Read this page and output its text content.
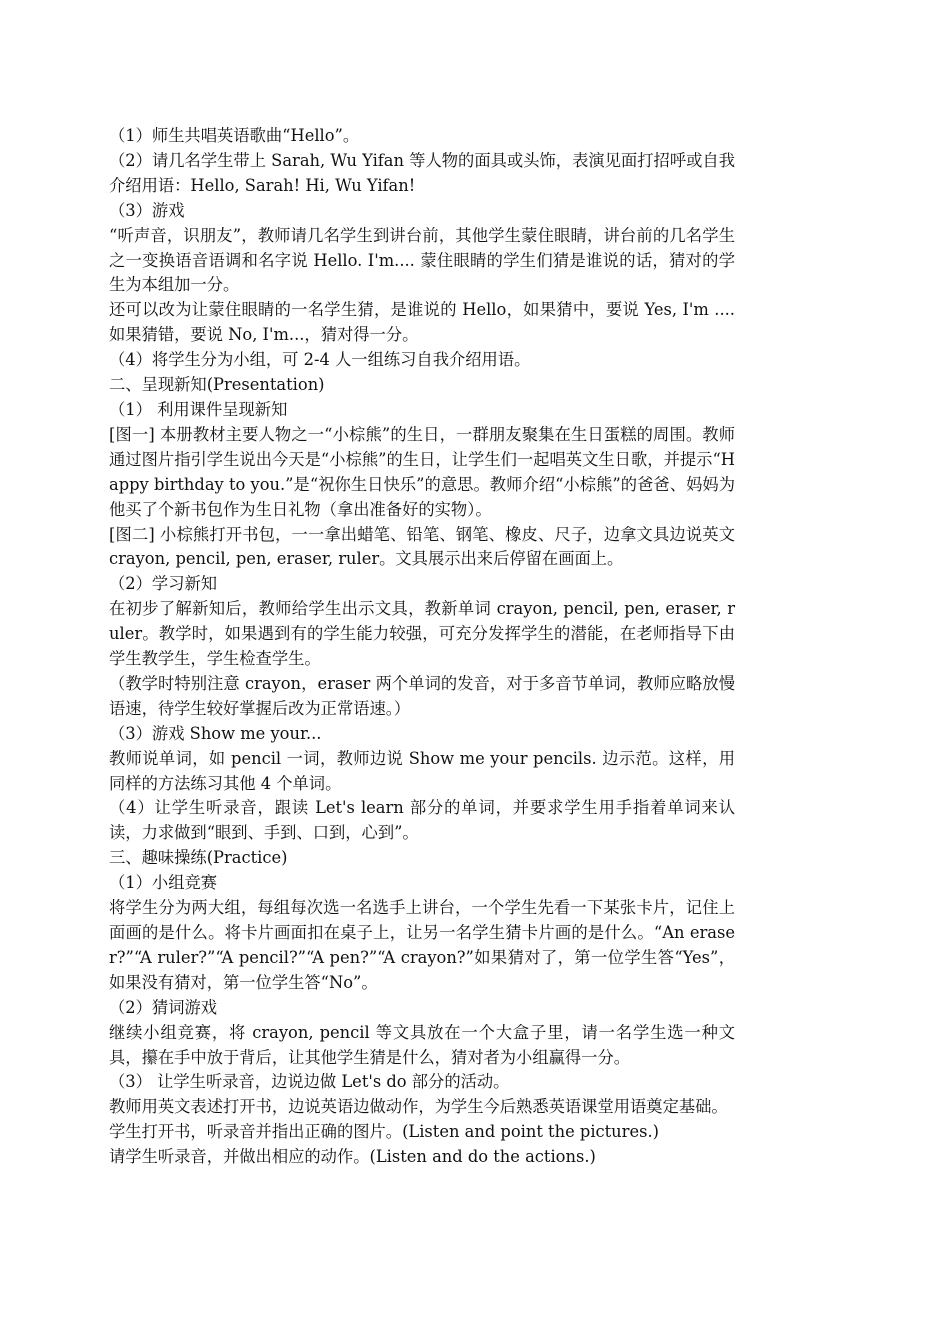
（1）师生共唱英语歌曲“Hello”。

（2）请几名学生带上 Sarah, Wu Yifan 等人物的面具或头饰，表演见面打招呼或自我介绍用语：Hello, Sarah! Hi, Wu Yifan!

（3）游戏

“听声音，识朋友”，教师请几名学生到讲台前，其他学生蒙住眼睛，讲台前的几名学生之一变换语音语调和名字说 Hello. I'm.... 蒙住眼睛的学生们猜是谁说的话，猜对的学生为本组加一分。

还可以改为让蒙住眼睛的一名学生猜，是谁说的 Hello，如果猜中，要说 Yes, I'm .... 如果猜错，要说 No, I'm...，猜对得一分。

（4）将学生分为小组，可 2-4 人一组练习自我介绍用语。

二、呈现新知(Presentation)

（1） 利用课件呈现新知

[图一] 本册教材主要人物之一“小棕熊”的生日，一群朋友聚集在生日蛋糕的周围。教师通过图片指引学生说出今天是“小棕熊”的生日，让学生们一起唱英文生日歌，并提示“Happy birthday to you.”是“祝你生日快乐”的意思。教师介绍“小棕熊”的爸爸、妈妈为他买了个新书包作为生日礼物（拿出准备好的实物）。

[图二] 小棕熊打开书包，一一拿出蜡笔、铅笔、钢笔、橡皮、尺子，边拿文具边说英文 crayon, pencil, pen, eraser, ruler。文具展示出来后停留在画面上。

（2）学习新知

在初步了解新知后，教师给学生出示文具，教新单词 crayon, pencil, pen, eraser, ruler。教学时，如果遇到有的学生能力较强，可充分发挥学生的潜能，在老师指导下由学生教学生，学生检查学生。

（教学时特别注意 crayon，eraser 两个单词的发音，对于多音节单词，教师应略放慢语速，待学生较好掌握后改为正常语速。）

（3）游戏 Show me your...

教师说单词，如 pencil 一词，教师边说 Show me your pencils. 边示范。这样，用同样的方法练习其他 4 个单词。

（4）让学生听录音，跟读 Let's learn 部分的单词，并要求学生用手指着单词来认读，力求做到“眼到、手到、口到，心到”。

三、趣味操练(Practice)

（1）小组竞赛

将学生分为两大组，每组每次选一名选手上讲台，一个学生先看一下某张卡片，记住上面画的是什么。将卡片画面扣在桌子上，让另一名学生猜卡片画的是什么。“An eraser?”“A ruler?”“A pencil?”“A pen?”“A crayon?”如果猜对了，第一位学生答“Yes”，如果没有猜对，第一位学生答“No”。

（2）猜词游戏

继续小组竞赛，将 crayon, pencil 等文具放在一个大盒子里，请一名学生选一种文具，攥在手中放于背后，让其他学生猜是什么，猜对者为小组赢得一分。

（3） 让学生听录音，边说边做 Let's do 部分的活动。

教师用英文表述打开书，边说英语边做动作，为学生今后熟悉英语课堂用语奠定基础。

学生打开书，听录音并指出正确的图片。(Listen and point the pictures.)

请学生听录音，并做出相应的动作。(Listen and do the actions.)
